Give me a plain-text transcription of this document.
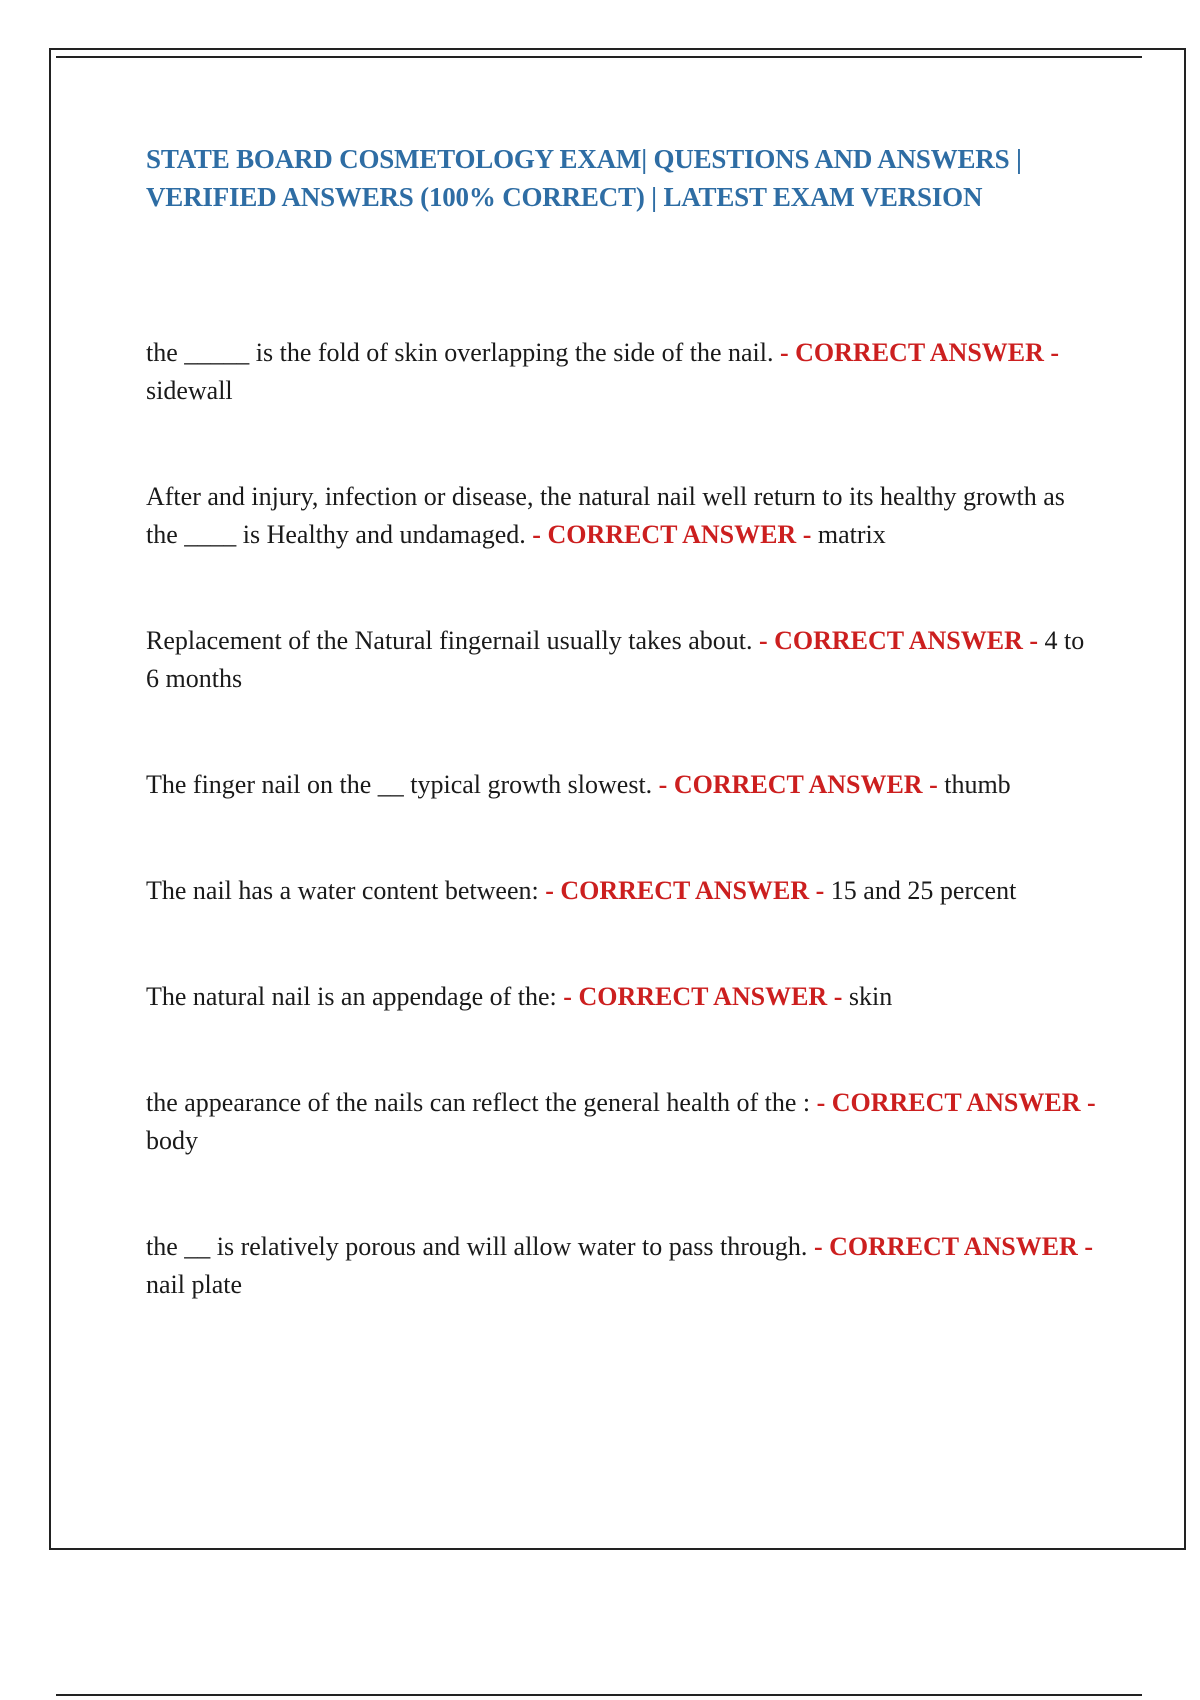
STATE BOARD COSMETOLOGY EXAM| QUESTIONS AND ANSWERS |
VERIFIED ANSWERS (100% CORRECT) | LATEST EXAM VERSION

the _____ is the fold of skin overlapping the side of the nail. - CORRECT ANSWER - sidewall

After and injury, infection or disease, the natural nail well return to its healthy growth as the ____ is Healthy and undamaged. - CORRECT ANSWER - matrix

Replacement of the Natural fingernail usually takes about. - CORRECT ANSWER - 4 to 6 months

The finger nail on the __ typical growth slowest. - CORRECT ANSWER - thumb

The nail has a water content between: - CORRECT ANSWER - 15 and 25 percent

The natural nail is an appendage of the: - CORRECT ANSWER - skin

the appearance of the nails can reflect the general health of the : - CORRECT ANSWER - body

the __ is relatively porous and will allow water to pass through. - CORRECT ANSWER - nail plate
